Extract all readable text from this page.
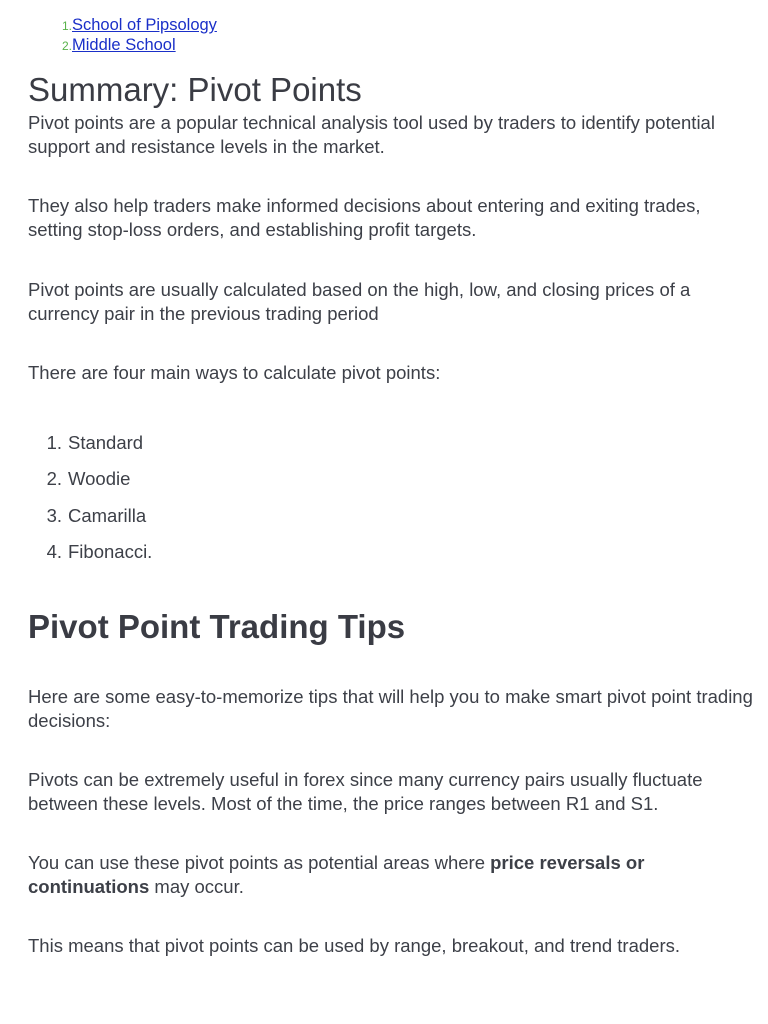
1. School of Pipsology
2. Middle School
Summary: Pivot Points

Pivot points are a popular technical analysis tool used by traders to identify potential support and resistance levels in the market.

They also help traders make informed decisions about entering and exiting trades, setting stop-loss orders, and establishing profit targets.

Pivot points are usually calculated based on the high, low, and closing prices of a currency pair in the previous trading period

There are four main ways to calculate pivot points:

1. Standard
2. Woodie
3. Camarilla
4. Fibonacci.
Pivot Point Trading Tips

Here are some easy-to-memorize tips that will help you to make smart pivot point trading decisions:

Pivots can be extremely useful in forex since many currency pairs usually fluctuate between these levels. Most of the time, the price ranges between R1 and S1.

You can use these pivot points as potential areas where price reversals or continuations may occur.

This means that pivot points can be used by range, breakout, and trend traders.
